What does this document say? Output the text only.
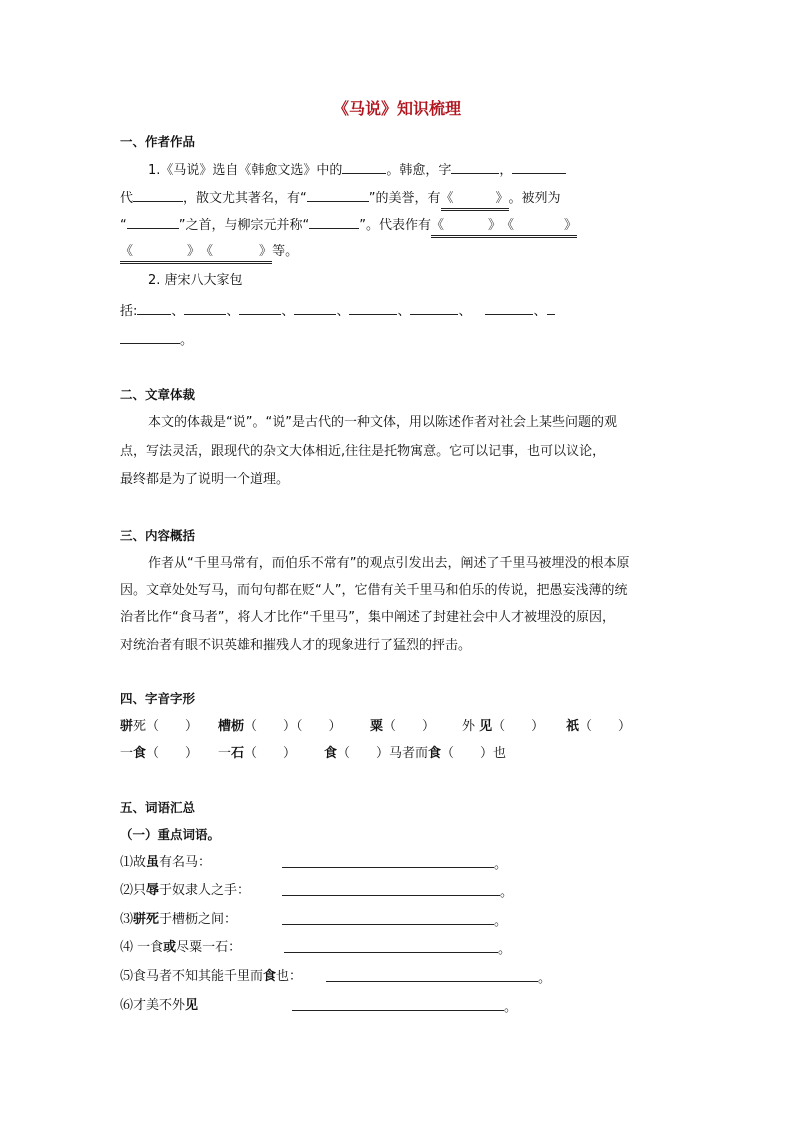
《马说》知识梳理
一、作者作品
1.《马说》选自《韩愈文选》中的	。韩愈，字	，
代	，散文尤其著名，有“	”的美誉，有《	》。被列为
“	”之首，与柳宗元并称“	”。代表作有《	》《	》
《	》《	》等。
2. 唐宋八大家包
括:	、	、	、	、	、	、	、
。
二、文章体裁
本文的体裁是“说”。“说”是古代的一种文体，用以陈述作者对社会上某些问题的观
点，写法灵活，跟现代的杂文大体相近,往往是托物寓意。它可以记事，也可以议论，
最终都是为了说明一个道理。
三、内容概括
作者从“千里马常有，而伯乐不常有”的观点引发出去，阐述了千里马被埋没的根本原
因。文章处处写马，而句句都在贬“人”，它借有关千里马和伯乐的传说，把愚妄浅薄的统
治者比作“食马者”，将人才比作“千里马”，集中阐述了封建社会中人才被埋没的原因，
对统治者有眼不识英雄和摧残人才的现象进行了猛烈的抨击。
四、字音字形
骈死（　　） 槽枥（　　）（　　） 粟（　　） 外 见（　　） 祇（　　）
一食（　　） 一石（　　） 食（　　）马者而食（　　）也
五、词语汇总
（一）重点词语。
⑴故虽有名马：	。
⑵只辱于奴隶人之手：	。
⑶骈死于槽枥之间：	。
⑷ 一食或尽粟一石：	。
⑸食马者不知其能千里而食也：	。
⑹才美不外见	。
